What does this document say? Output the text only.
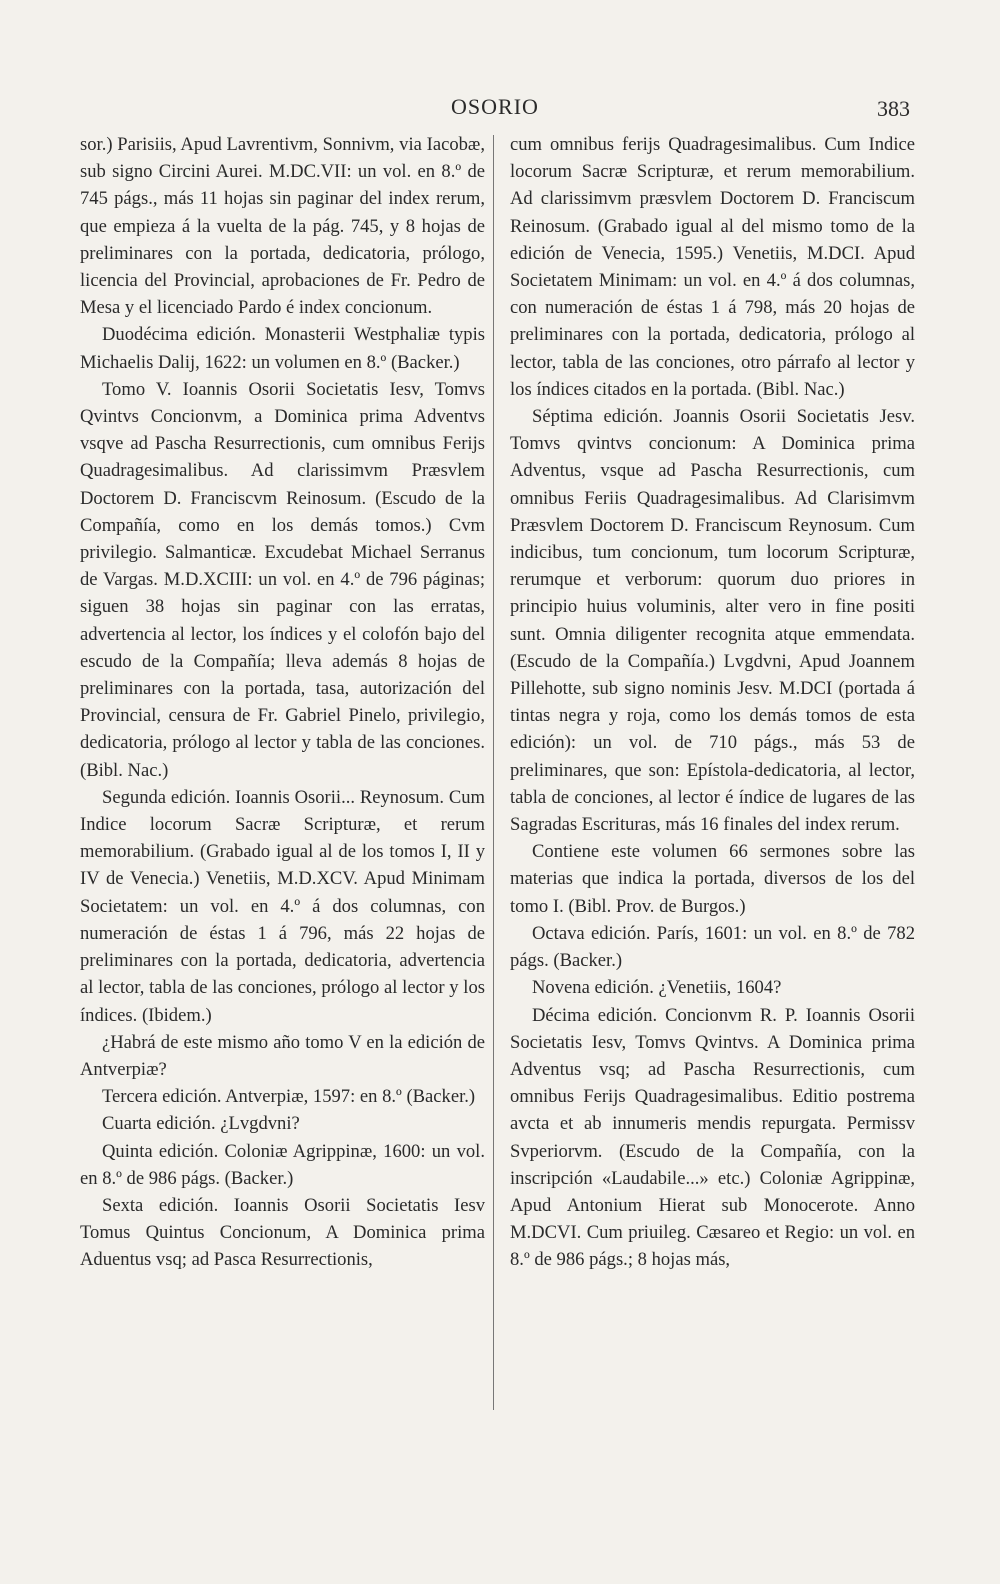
OSORIO	383

sor.) Parisiis, Apud Lavrentivm, Sonnivm, via Iacobæ, sub signo Circini Aurei. M.DC.VII: un vol. en 8.º de 745 págs., más 11 hojas sin paginar del index rerum, que empieza á la vuelta de la pág. 745, y 8 hojas de preliminares con la portada, dedicatoria, prólogo, licencia del Provincial, aprobaciones de Fr. Pedro de Mesa y el licenciado Pardo é index concionum.

Duodécima edición. Monasterii Westphaliæ typis Michaelis Dalij, 1622: un volumen en 8.º (Backer.)

Tomo V. Ioannis Osorii Societatis Iesv, Tomvs Qvintvs Concionvm, a Dominica prima Adventvs vsqve ad Pascha Resurrectionis, cum omnibus Ferijs Quadragesimalibus. Ad clarissimvm Præsvlem Doctorem D. Franciscvm Reinosum. (Escudo de la Compañía, como en los demás tomos.) Cvm privilegio. Salmanticæ. Excudebat Michael Serranus de Vargas. M.D.XCIII: un vol. en 4.º de 796 páginas; siguen 38 hojas sin paginar con las erratas, advertencia al lector, los índices y el colofón bajo del escudo de la Compañía; lleva además 8 hojas de preliminares con la portada, tasa, autorización del Provincial, censura de Fr. Gabriel Pinelo, privilegio, dedicatoria, prólogo al lector y tabla de las conciones. (Bibl. Nac.)

Segunda edición. Ioannis Osorii... Reynosum. Cum Indice locorum Sacræ Scripturæ, et rerum memorabilium. (Grabado igual al de los tomos I, II y IV de Venecia.) Venetiis, M.D.XCV. Apud Minimam Societatem: un vol. en 4.º á dos columnas, con numeración de éstas 1 á 796, más 22 hojas de preliminares con la portada, dedicatoria, advertencia al lector, tabla de las conciones, prólogo al lector y los índices. (Ibidem.)

¿Habrá de este mismo año tomo V en la edición de Antverpiæ?

Tercera edición. Antverpiæ, 1597: en 8.º (Backer.)

Cuarta edición. ¿Lvgdvni?

Quinta edición. Coloniæ Agrippinæ, 1600: un vol. en 8.º de 986 págs. (Backer.)

Sexta edición. Ioannis Osorii Societatis Iesv Tomus Quintus Concionum, A Dominica prima Aduentus vsq; ad Pasca Resurrectionis,

cum omnibus ferijs Quadragesimalibus. Cum Indice locorum Sacræ Scripturæ, et rerum memorabilium. Ad clarissimvm præsvlem Doctorem D. Franciscum Reinosum. (Grabado igual al del mismo tomo de la edición de Venecia, 1595.) Venetiis, M.DCI. Apud Societatem Minimam: un vol. en 4.º á dos columnas, con numeración de éstas 1 á 798, más 20 hojas de preliminares con la portada, dedicatoria, prólogo al lector, tabla de las conciones, otro párrafo al lector y los índices citados en la portada. (Bibl. Nac.)

Séptima edición. Joannis Osorii Societatis Jesv. Tomvs qvintvs concionum: A Dominica prima Adventus, vsque ad Pascha Resurrectionis, cum omnibus Feriis Quadragesimalibus. Ad Clarisimvm Præsvlem Doctorem D. Franciscum Reynosum. Cum indicibus, tum concionum, tum locorum Scripturæ, rerumque et verborum: quorum duo priores in principio huius voluminis, alter vero in fine positi sunt. Omnia diligenter recognita atque emmendata. (Escudo de la Compañía.) Lvgdvni, Apud Joannem Pillehotte, sub signo nominis Jesv. M.DCI (portada á tintas negra y roja, como los demás tomos de esta edición): un vol. de 710 págs., más 53 de preliminares, que son: Epístola-dedicatoria, al lector, tabla de conciones, al lector é índice de lugares de las Sagradas Escrituras, más 16 finales del index rerum.

Contiene este volumen 66 sermones sobre las materias que indica la portada, diversos de los del tomo I. (Bibl. Prov. de Burgos.)

Octava edición. París, 1601: un vol. en 8.º de 782 págs. (Backer.)

Novena edición. ¿Venetiis, 1604?

Décima edición. Concionvm R. P. Ioannis Osorii Societatis Iesv, Tomvs Qvintvs. A Dominica prima Adventus vsq; ad Pascha Resurrectionis, cum omnibus Ferijs Quadragesimalibus. Editio postrema avcta et ab innumeris mendis repurgata. Permissv Svperiorvm. (Escudo de la Compañía, con la inscripción «Laudabile...» etc.) Coloniæ Agrippinæ, Apud Antonium Hierat sub Monocerote. Anno M.DCVI. Cum priuileg. Cæsareo et Regio: un vol. en 8.º de 986 págs.; 8 hojas más,
